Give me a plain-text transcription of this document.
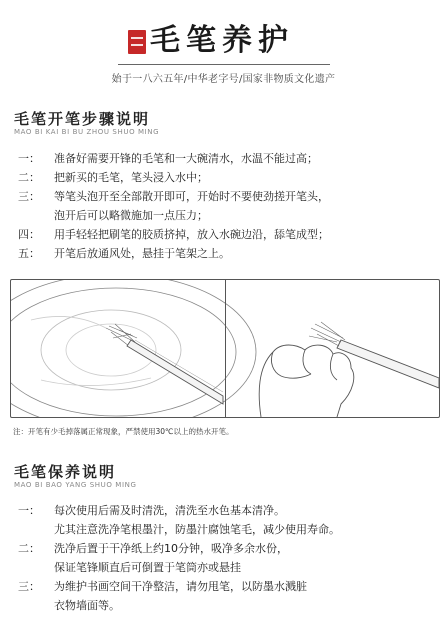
毛笔养护
始于一八六五年/中华老字号/国家非物质文化遗产
毛笔开笔步骤说明
MAO BI KAI BI BU ZHOU SHUO MING
一：	准备好需要开锋的毛笔和一大碗清水，水温不能过高；
二：	把新买的毛笔，笔头浸入水中；
三：	等笔头泡开至全部散开即可，开始时不要使劲搓开笔头，
泡开后可以略微施加一点压力；
四：	用手轻轻把刷笔的胶质挤掉，放入水碗边沿，舔笔成型；
五：	开笔后放通风处，悬挂于笔架之上。
注：开笔有少毛掉落属正常现象，严禁使用30℃以上的热水开笔。
毛笔保养说明
MAO BI BAO YANG SHUO MING
一：	每次使用后需及时清洗，清洗至水色基本清净。
尤其注意洗净笔根墨汁，防墨汁腐蚀笔毛，减少使用寿命。
二：	洗净后置于干净纸上约10分钟，吸净多余水份，
保证笔锋顺直后可倒置于笔筒亦或悬挂
三：	为维护书画空间干净整洁，请勿甩笔，以防墨水溅脏
衣物墙面等。
